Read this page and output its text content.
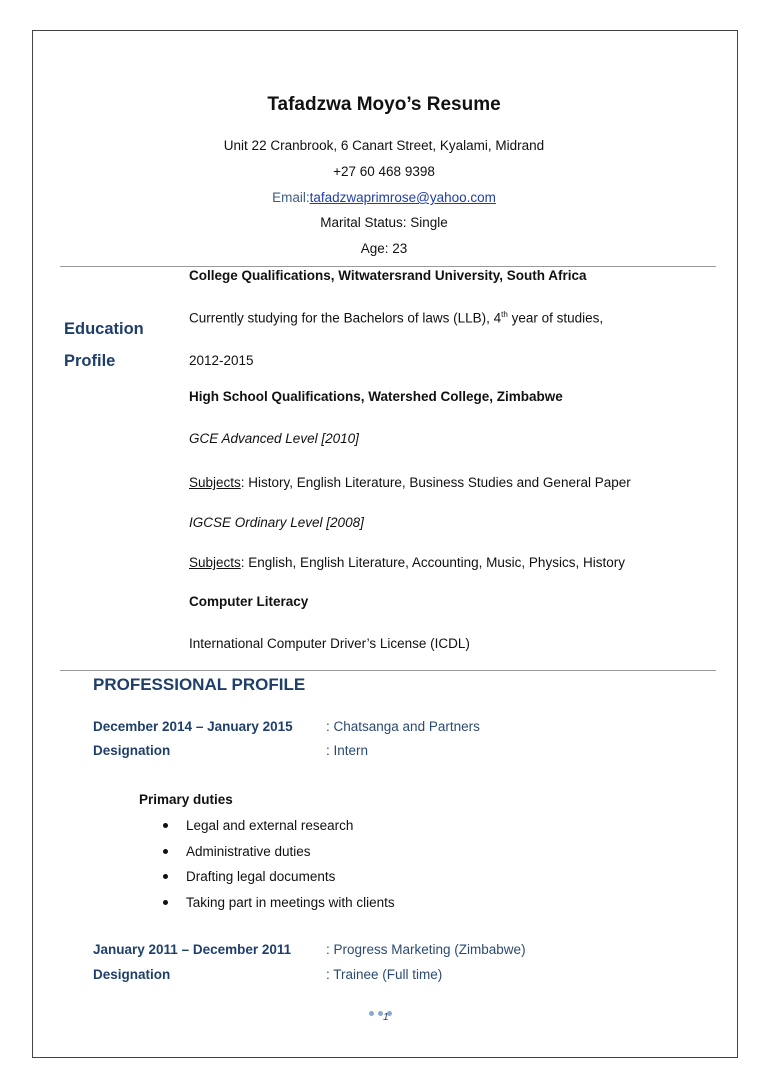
Tafadzwa Moyo’s Resume
Unit 22 Cranbrook, 6 Canart Street, Kyalami, Midrand
+27 60 468 9398
Email:tafadzwaprimrose@yahoo.com
Marital Status: Single
Age: 23
Education
Profile
College Qualifications, Witwatersrand University, South Africa
Currently studying for the Bachelors of laws (LLB), 4th year of studies,
2012-2015
High School Qualifications, Watershed College, Zimbabwe
GCE Advanced Level [2010]
Subjects: History, English Literature, Business Studies and General Paper
IGCSE Ordinary Level [2008]
Subjects: English, English Literature, Accounting, Music, Physics, History
Computer Literacy
International Computer Driver’s License (ICDL)
PROFESSIONAL PROFILE
December 2014 – January 2015 : Chatsanga and Partners
Designation	: Intern
Primary duties
Legal and external research
Administrative duties
Drafting legal documents
Taking part in meetings with clients
January 2011 – December 2011	: Progress Marketing (Zimbabwe)
Designation	: Trainee (Full time)
1
